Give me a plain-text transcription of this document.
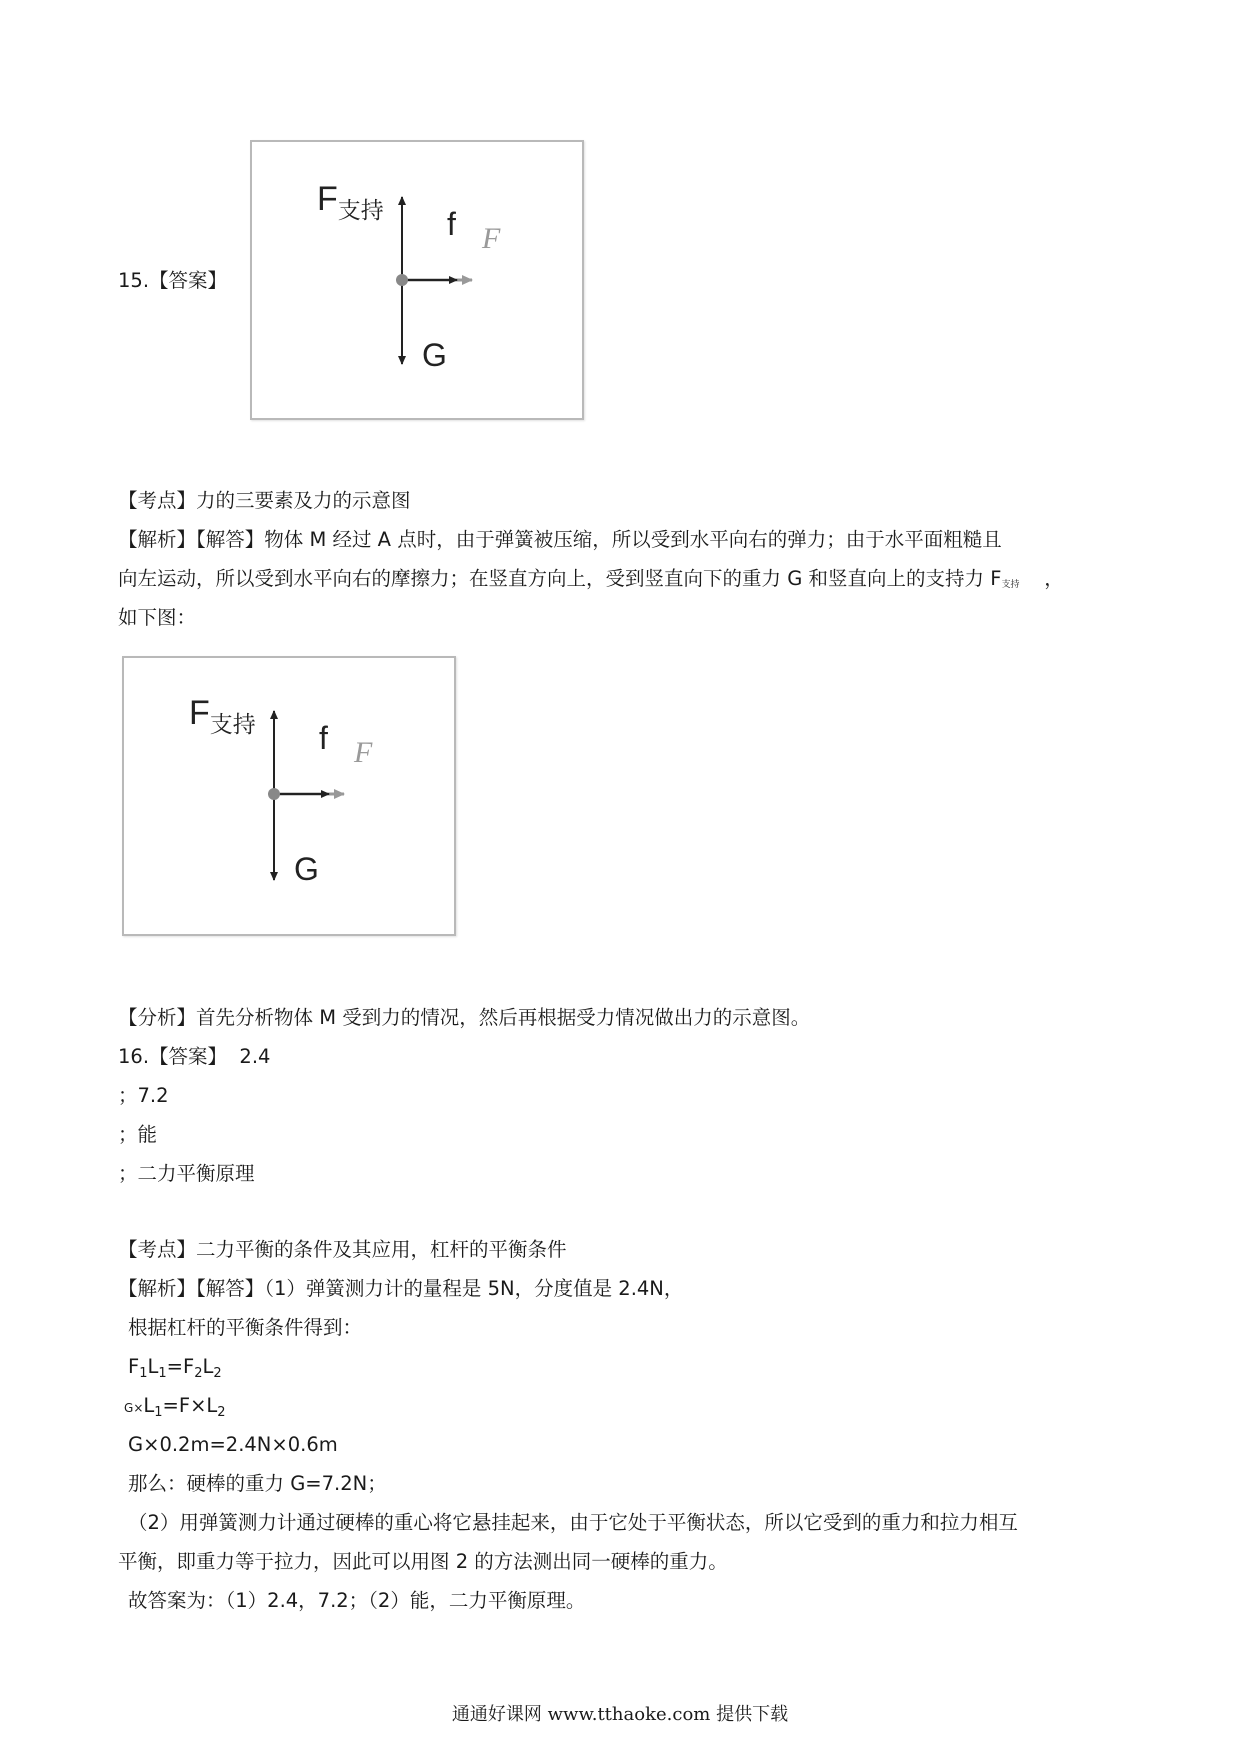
15.【答案】
F支持 f F
G
【考点】力的三要素及力的示意图
【解析】【解答】物体 M 经过 A 点时，由于弹簧被压缩，所以受到水平向右的弹力；由于水平面粗糙且
向左运动，所以受到水平向右的摩擦力；在竖直方向上，受到竖直向下的重力 G 和竖直向上的支持力 $F_{支持}$ ，
如下图：
F支持 f F
G
【分析】首先分析物体 M 受到力的情况，然后再根据受力情况做出力的示意图。
16.【答案】 2.4
；7.2
；能
；二力平衡原理
【考点】二力平衡的条件及其应用，杠杆的平衡条件
【解析】【解答】（1）弹簧测力计的量程是 5N，分度值是 2.4N，
根据杠杆的平衡条件得到：
$F_1L_1=F_2L_2$
$G\times L_1=F\times L_2$
G×0.2m=2.4N×0.6m
那么：硬棒的重力 G=7.2N；
（2）用弹簧测力计通过硬棒的重心将它悬挂起来，由于它处于平衡状态，所以它受到的重力和拉力相互
平衡，即重力等于拉力，因此可以用图 2 的方法测出同一硬棒的重力。
故答案为：（1）2.4，7.2；（2）能，二力平衡原理。
通通好课网 www.tthaoke.com 提供下载
